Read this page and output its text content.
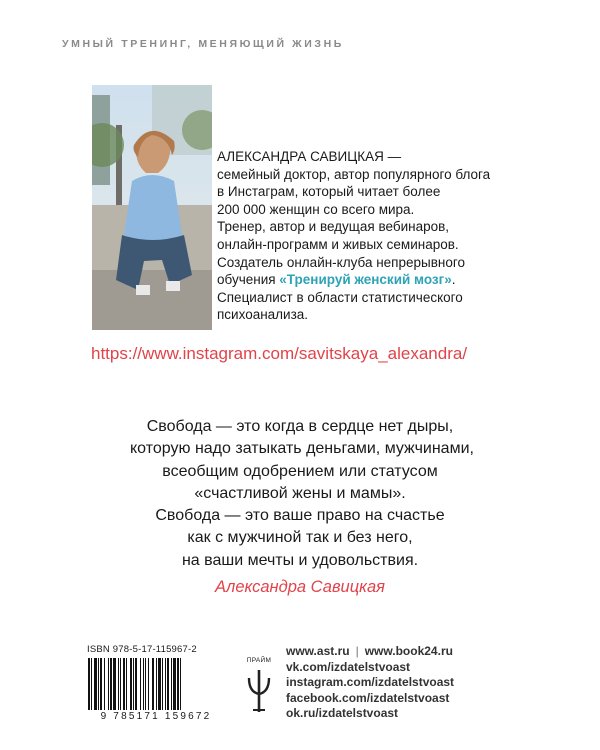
УМНЫЙ ТРЕНИНГ, МЕНЯЮЩИЙ ЖИЗНЬ
АЛЕКСАНДРА САВИЦКАЯ —
семейный доктор, автор популярного блога
в Инстаграм, который читает более
200 000 женщин со всего мира.
Тренер, автор и ведущая вебинаров,
онлайн-программ и живых семинаров.
Создатель онлайн-клуба непрерывного
обучения «Тренируй женский мозг».
Специалист в области статистического
психоанализа.
https://www.instagram.com/savitskaya_alexandra/
Свобода — это когда в сердце нет дыры,
которую надо затыкать деньгами, мужчинами,
всеобщим одобрением или статусом
«счастливой жены и мамы».
Свобода — это ваше право на счастье
как с мужчиной так и без него,
на ваши мечты и удовольствия.
Александра Савицкая
ISBN 978-5-17-115967-2
9 785171 159672
ПРАЙМ
www.ast.ru | www.book24.ru
vk.com/izdatelstvoast
instagram.com/izdatelstvoast
facebook.com/izdatelstvoast
ok.ru/izdatelstvoast
